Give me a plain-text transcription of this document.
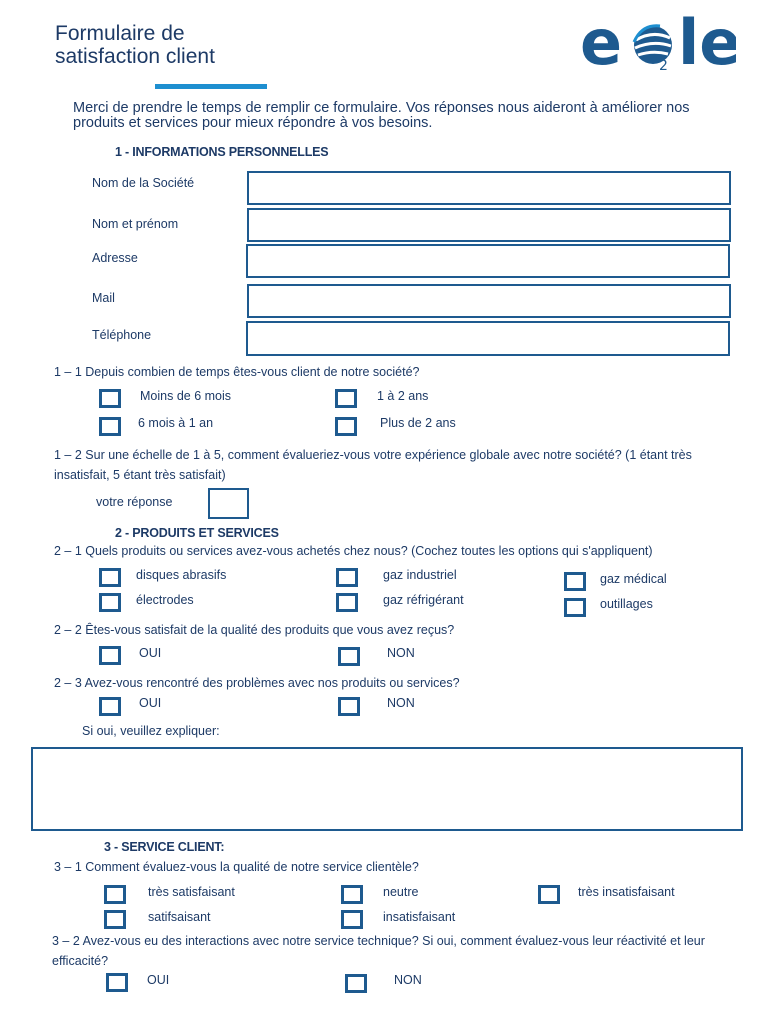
Formulaire de
satisfaction client	e le
2
Merci de prendre le temps de remplir ce formulaire. Vos réponses nous aideront à améliorer nos produits et services pour mieux répondre à vos besoins.
1 - INFORMATIONS PERSONNELLES
Nom de la Société
Nom et prénom
Adresse
Mail
Téléphone
1 – 1 Depuis combien de temps êtes-vous client de notre société?
Moins de 6 mois	1 à 2 ans
6 mois à 1 an	Plus de 2 ans
1 – 2 Sur une échelle de 1 à 5, comment évalueriez-vous votre expérience globale avec notre société? (1 étant très insatisfait, 5 étant très satisfait)
votre réponse
2 - PRODUITS ET SERVICES
2 – 1 Quels produits ou services avez-vous achetés chez nous? (Cochez toutes les options qui s'appliquent)
disques abrasifs	gaz industriel	gaz médical
électrodes	gaz réfrigérant	outillages
2 – 2 Êtes-vous satisfait de la qualité des produits que vous avez reçus?
OUI	NON
2 – 3 Avez-vous rencontré des problèmes avec nos produits ou services?
OUI	NON
Si oui, veuillez expliquer:
3 - SERVICE CLIENT:
3 – 1 Comment évaluez-vous la qualité de notre service clientèle?
très satisfaisant	neutre	très insatisfaisant
satifsaisant	insatisfaisant
3 – 2 Avez-vous eu des interactions avec notre service technique? Si oui, comment évaluez-vous leur réactivité et leur efficacité?
OUI	NON
